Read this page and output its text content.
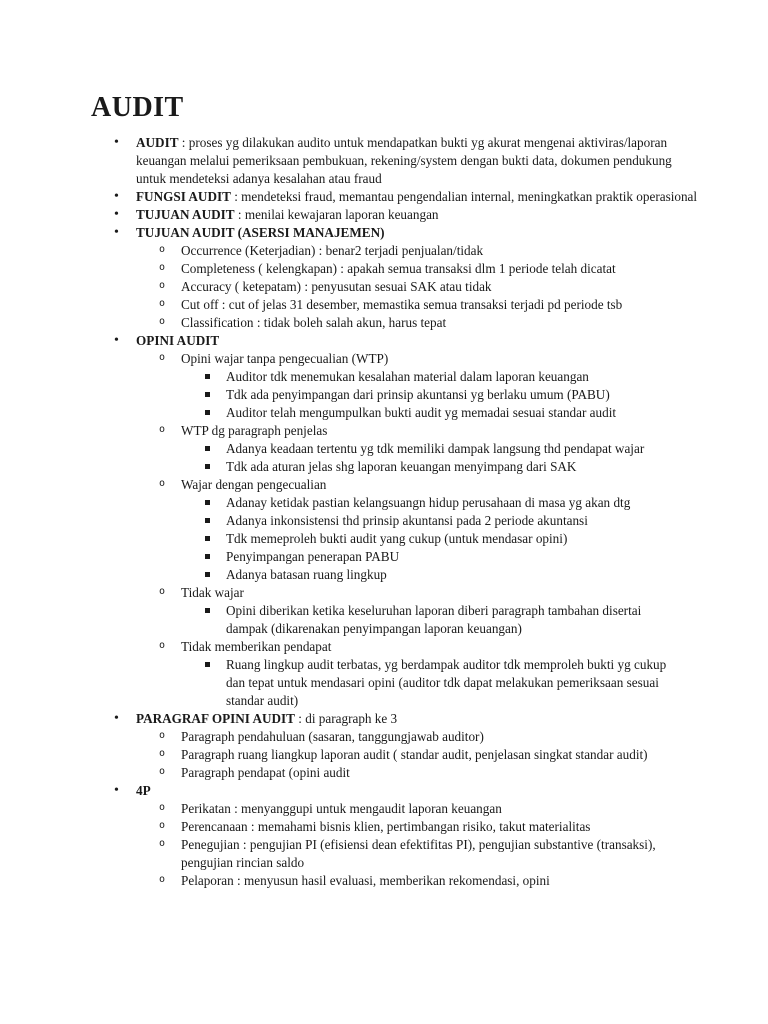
AUDIT
• AUDIT : proses yg dilakukan audito untuk mendapatkan bukti yg akurat mengenai aktiviras/laporan keuangan melalui pemeriksaan pembukuan, rekening/system dengan bukti data, dokumen pendukung untuk mendeteksi adanya kesalahan atau fraud
• FUNGSI AUDIT : mendeteksi fraud, memantau pengendalian internal, meningkatkan praktik operasional
• TUJUAN AUDIT : menilai kewajaran laporan keuangan
• TUJUAN AUDIT (ASERSI MANAJEMEN)
o Occurrence (Keterjadian) : benar2 terjadi penjualan/tidak
o Completeness ( kelengkapan) : apakah semua transaksi dlm 1 periode telah dicatat
o Accuracy ( ketepatam) : penyusutan sesuai SAK atau tidak
o Cut off : cut of jelas 31 desember, memastika semua transaksi terjadi pd periode tsb
o Classification : tidak boleh salah akun, harus tepat
• OPINI AUDIT
o Opini wajar tanpa pengecualian (WTP)
Auditor tdk menemukan kesalahan material dalam laporan keuangan
Tdk ada penyimpangan dari prinsip akuntansi yg berlaku umum (PABU)
Auditor telah mengumpulkan bukti audit yg memadai sesuai standar audit
o WTP dg paragraph penjelas
Adanya keadaan tertentu yg tdk memiliki dampak langsung thd pendapat wajar
Tdk ada aturan jelas shg laporan keuangan menyimpang dari SAK
o Wajar dengan pengecualian
Adanay ketidak pastian kelangsuangn hidup perusahaan di masa yg akan dtg
Adanya inkonsistensi thd prinsip akuntansi pada 2 periode akuntansi
Tdk memeproleh bukti audit yang cukup (untuk mendasar opini)
Penyimpangan penerapan PABU
Adanya batasan ruang lingkup
o Tidak wajar
Opini diberikan ketika keseluruhan laporan diberi paragraph tambahan disertai dampak (dikarenakan penyimpangan laporan keuangan)
o Tidak memberikan pendapat
Ruang lingkup audit terbatas, yg berdampak auditor tdk memproleh bukti yg cukup dan tepat untuk mendasari opini (auditor tdk dapat melakukan pemeriksaan sesuai standar audit)
• PARAGRAF OPINI AUDIT : di paragraph ke 3
o Paragraph pendahuluan (sasaran, tanggungjawab auditor)
o Paragraph ruang liangkup laporan audit ( standar audit, penjelasan singkat standar audit)
o Paragraph pendapat (opini audit
• 4P
o Perikatan : menyanggupi untuk mengaudit laporan keuangan
o Perencanaan : memahami bisnis klien, pertimbangan risiko, takut materialitas
o Penegujian : pengujian PI (efisiensi dean efektifitas PI), pengujian substantive (transaksi), pengujian rincian saldo
o Pelaporan : menyusun hasil evaluasi, memberikan rekomendasi, opini
